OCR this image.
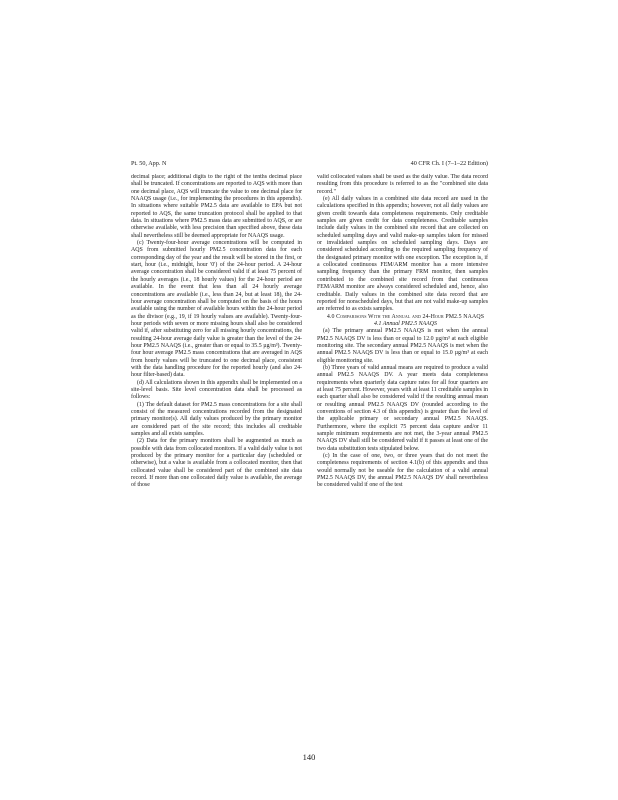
Pt. 50, App. N	40 CFR Ch. I (7–1–22 Edition)

decimal place; additional digits to the right of the tenths decimal place shall be truncated. If concentrations are reported to AQS with more than one decimal place, AQS will truncate the value to one decimal place for NAAQS usage (i.e., for implementing the procedures in this appendix). In situations where suitable PM2.5 data are available to EPA but not reported to AQS, the same truncation protocol shall be applied to that data. In situations where PM2.5 mass data are submitted to AQS, or are otherwise available, with less precision than specified above, these data shall nevertheless still be deemed appropriate for NAAQS usage.

(c) Twenty-four-hour average concentrations will be computed in AQS from submitted hourly PM2.5 concentration data for each corresponding day of the year and the result will be stored in the first, or start, hour (i.e., midnight, hour '0') of the 24-hour period. A 24-hour average concentration shall be considered valid if at least 75 percent of the hourly averages (i.e., 18 hourly values) for the 24-hour period are available. In the event that less than all 24 hourly average concentrations are available (i.e., less than 24, but at least 18), the 24-hour average concentration shall be computed on the basis of the hours available using the number of available hours within the 24-hour period as the divisor (e.g., 19, if 19 hourly values are available). Twenty-four-hour periods with seven or more missing hours shall also be considered valid if, after substituting zero for all missing hourly concentrations, the resulting 24-hour average daily value is greater than the level of the 24-hour PM2.5 NAAQS (i.e., greater than or equal to 35.5 µg/m³). Twenty-four hour average PM2.5 mass concentrations that are averaged in AQS from hourly values will be truncated to one decimal place, consistent with the data handling procedure for the reported hourly (and also 24-hour filter-based) data.

(d) All calculations shown in this appendix shall be implemented on a site-level basis. Site level concentration data shall be processed as follows:

(1) The default dataset for PM2.5 mass concentrations for a site shall consist of the measured concentrations recorded from the designated primary monitor(s). All daily values produced by the primary monitor are considered part of the site record; this includes all creditable samples and all exists samples.

(2) Data for the primary monitors shall be augmented as much as possible with data from collocated monitors. If a valid daily value is not produced by the primary monitor for a particular day (scheduled or otherwise), but a value is available from a collocated monitor, then that collocated value shall be considered part of the combined site data record. If more than one collocated daily value is available, the average of those

valid collocated values shall be used as the daily value. The data record resulting from this procedure is referred to as the "combined site data record."

(e) All daily values in a combined site data record are used in the calculations specified in this appendix; however, not all daily values are given credit towards data completeness requirements. Only creditable samples are given credit for data completeness. Creditable samples include daily values in the combined site record that are collected on scheduled sampling days and valid make-up samples taken for missed or invalidated samples on scheduled sampling days. Days are considered scheduled according to the required sampling frequency of the designated primary monitor with one exception. The exception is, if a collocated continuous FEM/ARM monitor has a more intensive sampling frequency than the primary FRM monitor, then samples contributed to the combined site record from that continuous FEM/ARM monitor are always considered scheduled and, hence, also creditable. Daily values in the combined site data record that are reported for nonscheduled days, but that are not valid make-up samples are referred to as exists samples.

4.0 Comparisons With the Annual and 24-Hour PM2.5 NAAQS

4.1 Annual PM2.5 NAAQS

(a) The primary annual PM2.5 NAAQS is met when the annual PM2.5 NAAQS DV is less than or equal to 12.0 µg/m³ at each eligible monitoring site. The secondary annual PM2.5 NAAQS is met when the annual PM2.5 NAAQS DV is less than or equal to 15.0 µg/m³ at each eligible monitoring site.

(b) Three years of valid annual means are required to produce a valid annual PM2.5 NAAQS DV. A year meets data completeness requirements when quarterly data capture rates for all four quarters are at least 75 percent. However, years with at least 11 creditable samples in each quarter shall also be considered valid if the resulting annual mean or resulting annual PM2.5 NAAQS DV (rounded according to the conventions of section 4.3 of this appendix) is greater than the level of the applicable primary or secondary annual PM2.5 NAAQS. Furthermore, where the explicit 75 percent data capture and/or 11 sample minimum requirements are not met, the 3-year annual PM2.5 NAAQS DV shall still be considered valid if it passes at least one of the two data substitution tests stipulated below.

(c) In the case of one, two, or three years that do not meet the completeness requirements of section 4.1(b) of this appendix and thus would normally not be useable for the calculation of a valid annual PM2.5 NAAQS DV, the annual PM2.5 NAAQS DV shall nevertheless be considered valid if one of the test

140
